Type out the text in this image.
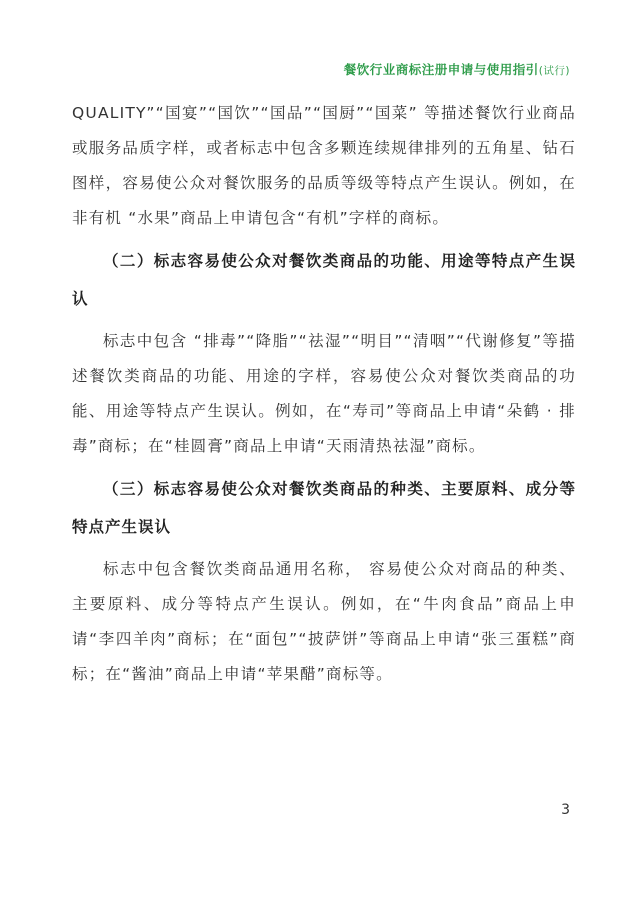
餐饮行业商标注册申请与使用指引(试行)

QUALITY”“国宴”“国饮”“国品”“国厨”“国菜” 等描述餐饮行业商品或服务品质字样，或者标志中包含多颗连续规律排列的五角星、钻石图样，容易使公众对餐饮服务的品质等级等特点产生误认。例如，在非有机 “水果”商品上申请包含“有机”字样的商标。

（二）标志容易使公众对餐饮类商品的功能、用途等特点产生误认

标志中包含 “排毒”“降脂”“祛湿”“明目”“清咽”“代谢修复”等描述餐饮类商品的功能、用途的字样，容易使公众对餐饮类商品的功能、用途等特点产生误认。例如，在“寿司”等商品上申请“朵鹤 · 排毒”商标；在“桂圆膏”商品上申请“天雨清热祛湿”商标。

（三）标志容易使公众对餐饮类商品的种类、主要原料、成分等特点产生误认

标志中包含餐饮类商品通用名称， 容易使公众对商品的种类、主要原料、成分等特点产生误认。例如，在“牛肉食品”商品上申请“李四羊肉”商标；在“面包”“披萨饼”等商品上申请“张三蛋糕”商标；在“酱油”商品上申请“苹果醋”商标等。

3
